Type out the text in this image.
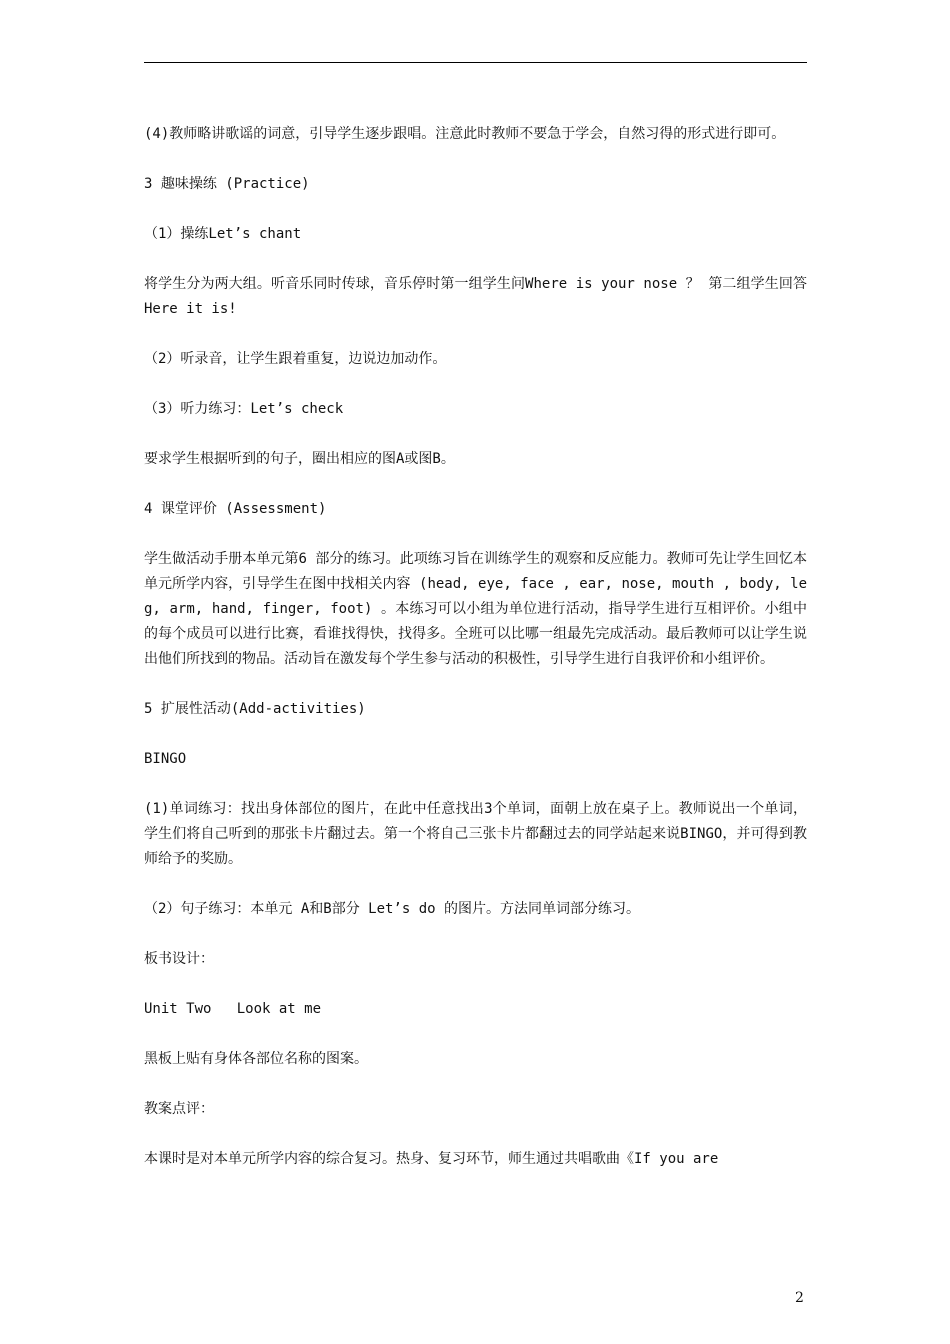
(4)教师略讲歌谣的词意，引导学生逐步跟唱。注意此时教师不要急于学会，自然习得的形式进行即可。

3 趣味操练 (Practice)

（1）操练Let’s chant

将学生分为两大组。听音乐同时传球，音乐停时第一组学生问Where is your nose ？ 第二组学生回答Here it is!

（2）听录音，让学生跟着重复，边说边加动作。

（3）听力练习：Let’s check

要求学生根据听到的句子，圈出相应的图A或图B。

4 课堂评价 (Assessment)

学生做活动手册本单元第6 部分的练习。此项练习旨在训练学生的观察和反应能力。教师可先让学生回忆本单元所学内容，引导学生在图中找相关内容 (head, eye, face , ear, nose, mouth , body, leg, arm, hand, finger, foot) 。本练习可以小组为单位进行活动，指导学生进行互相评价。小组中的每个成员可以进行比赛，看谁找得快，找得多。全班可以比哪一组最先完成活动。最后教师可以让学生说出他们所找到的物品。活动旨在激发每个学生参与活动的积极性，引导学生进行自我评价和小组评价。

5 扩展性活动(Add-activities)

BINGO

(1)单词练习：找出身体部位的图片，在此中任意找出3个单词，面朝上放在桌子上。教师说出一个单词，学生们将自己听到的那张卡片翻过去。第一个将自己三张卡片都翻过去的同学站起来说BINGO，并可得到教师给予的奖励。

（2）句子练习：本单元 A和B部分 Let’s do 的图片。方法同单词部分练习。

板书设计：

Unit Two   Look at me

黑板上贴有身体各部位名称的图案。

教案点评：

本课时是对本单元所学内容的综合复习。热身、复习环节，师生通过共唱歌曲《If you are

2
